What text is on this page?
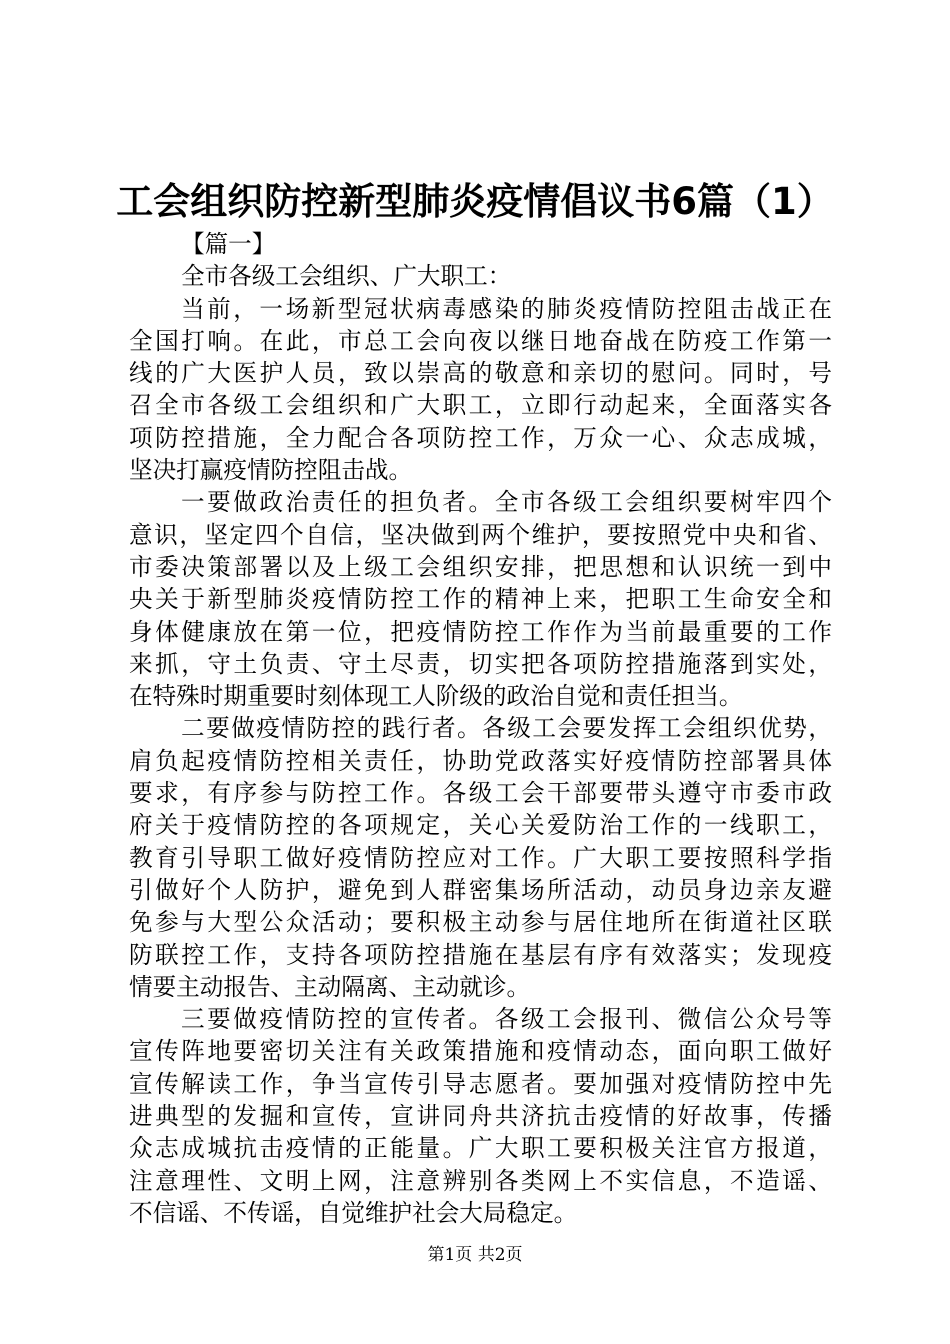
工会组织防控新型肺炎疫情倡议书6篇（1）
【篇一】
全市各级工会组织、广大职工：
当前，一场新型冠状病毒感染的肺炎疫情防控阻击战正在
全国打响。在此，市总工会向夜以继日地奋战在防疫工作第一
线的广大医护人员，致以崇高的敬意和亲切的慰问。同时，号
召全市各级工会组织和广大职工，立即行动起来，全面落实各
项防控措施，全力配合各项防控工作，万众一心、众志成城，
坚决打赢疫情防控阻击战。
一要做政治责任的担负者。全市各级工会组织要树牢四个
意识，坚定四个自信，坚决做到两个维护，要按照党中央和省、
市委决策部署以及上级工会组织安排，把思想和认识统一到中
央关于新型肺炎疫情防控工作的精神上来，把职工生命安全和
身体健康放在第一位，把疫情防控工作作为当前最重要的工作
来抓，守土负责、守土尽责，切实把各项防控措施落到实处，
在特殊时期重要时刻体现工人阶级的政治自觉和责任担当。
二要做疫情防控的践行者。各级工会要发挥工会组织优势，
肩负起疫情防控相关责任，协助党政落实好疫情防控部署具体
要求，有序参与防控工作。各级工会干部要带头遵守市委市政
府关于疫情防控的各项规定，关心关爱防治工作的一线职工，
教育引导职工做好疫情防控应对工作。广大职工要按照科学指
引做好个人防护，避免到人群密集场所活动，动员身边亲友避
免参与大型公众活动；要积极主动参与居住地所在街道社区联
防联控工作，支持各项防控措施在基层有序有效落实；发现疫
情要主动报告、主动隔离、主动就诊。
三要做疫情防控的宣传者。各级工会报刊、微信公众号等
宣传阵地要密切关注有关政策措施和疫情动态，面向职工做好
宣传解读工作，争当宣传引导志愿者。要加强对疫情防控中先
进典型的发掘和宣传，宣讲同舟共济抗击疫情的好故事，传播
众志成城抗击疫情的正能量。广大职工要积极关注官方报道，
注意理性、文明上网，注意辨别各类网上不实信息，不造谣、
不信谣、不传谣，自觉维护社会大局稳定。
第1页 共2页
